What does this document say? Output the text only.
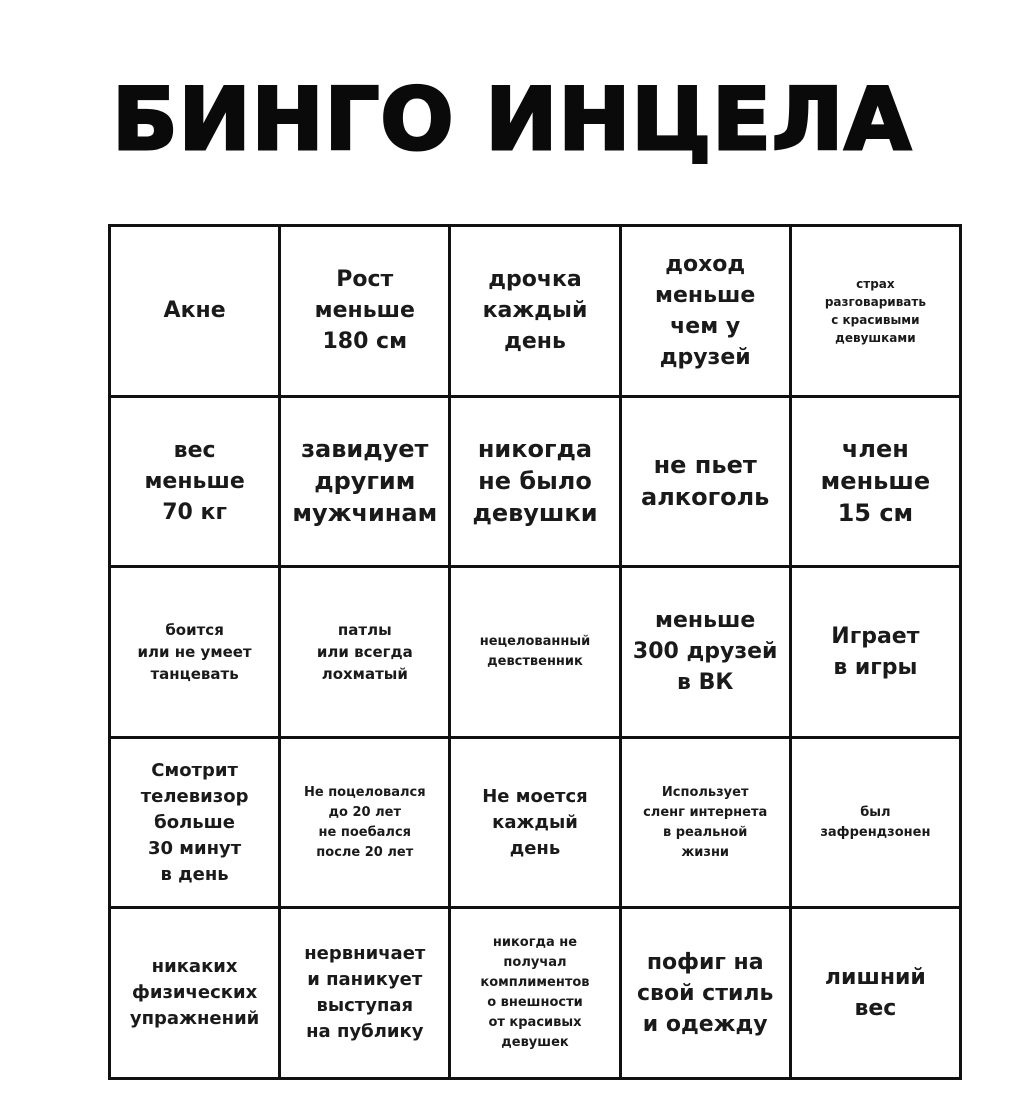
БИНГО ИНЦЕЛА
Акне
Рост
меньше
180 см
дрочка
каждый
день
доход
меньше
чем у
друзей
страх
разговаривать
с красивыми
девушками
вес
меньше
70 кг
завидует
другим
мужчинам
никогда
не было
девушки
не пьет
алкоголь
член
меньше
15 см
боится
или не умеет
танцевать
патлы
или всегда
лохматый
нецелованный
девственник
меньше
300 друзей
в ВК
Играет
в игры
Смотрит
телевизор
больше
30 минут
в день
Не поцеловался
до 20 лет
не поебался
после 20 лет
Не моется
каждый
день
Использует
сленг интернета
в реальной
жизни
был
зафрендзонен
никаких
физических
упражнений
нервничает
и паникует
выступая
на публику
никогда не
получал
комплиментов
о внешности
от красивых
девушек
пофиг на
свой стиль
и одежду
лишний
вес
